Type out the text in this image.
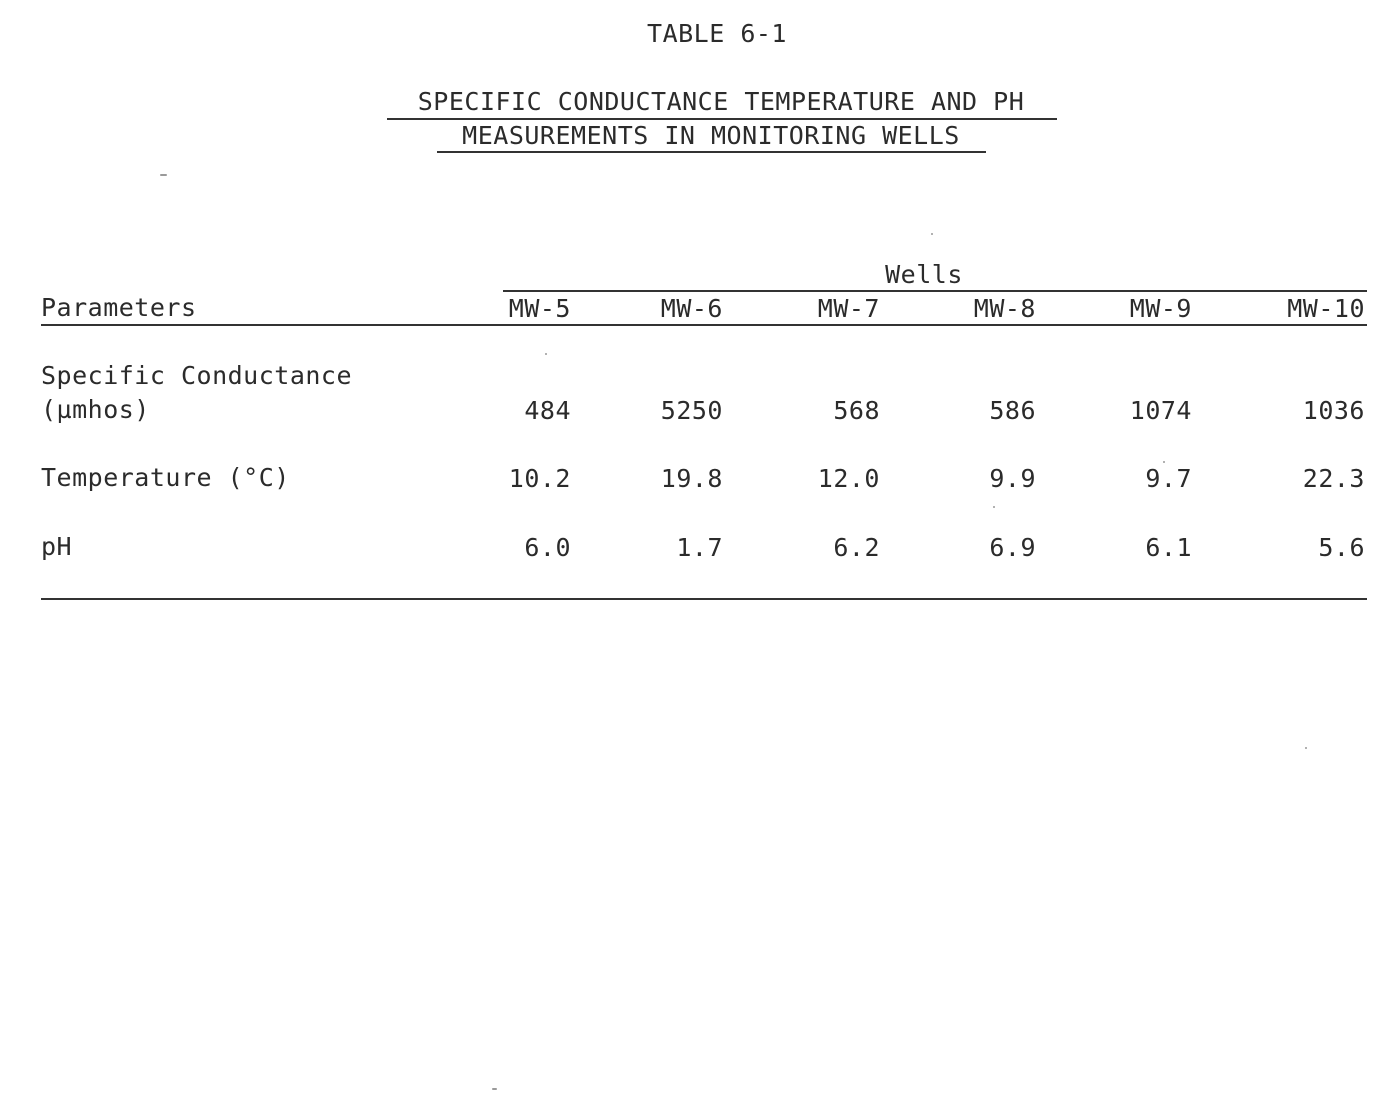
TABLE 6-1
SPECIFIC CONDUCTANCE TEMPERATURE AND PH
MEASUREMENTS IN MONITORING WELLS
Wells
Parameters	MW-5	MW-6	MW-7	MW-8	MW-9	MW-10
Specific Conductance
(µmhos)	484	5250	568	586	1074	1036
Temperature (°C)	10.2	19.8	12.0	9.9	9.7	22.3
pH	6.0	1.7	6.2	6.9	6.1	5.6
